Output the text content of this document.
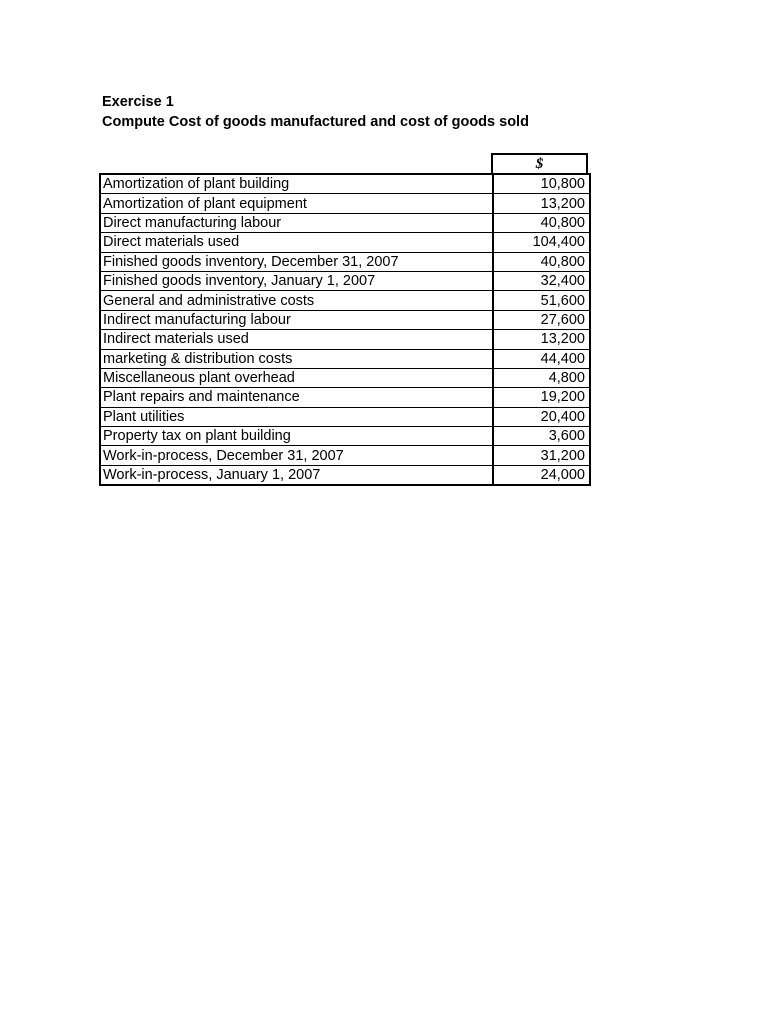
Exercise 1
Compute Cost of goods manufactured and cost of goods sold
$
Amortization of plant building	10,800
Amortization of plant equipment	13,200
Direct manufacturing labour	40,800
Direct materials used	104,400
Finished goods inventory, December 31, 2007	40,800
Finished goods inventory, January 1, 2007	32,400
General and administrative costs	51,600
Indirect manufacturing labour	27,600
Indirect materials used	13,200
marketing & distribution costs	44,400
Miscellaneous plant overhead	4,800
Plant repairs and maintenance	19,200
Plant utilities	20,400
Property tax on plant building	3,600
Work-in-process, December 31, 2007	31,200
Work-in-process, January 1, 2007	24,000
